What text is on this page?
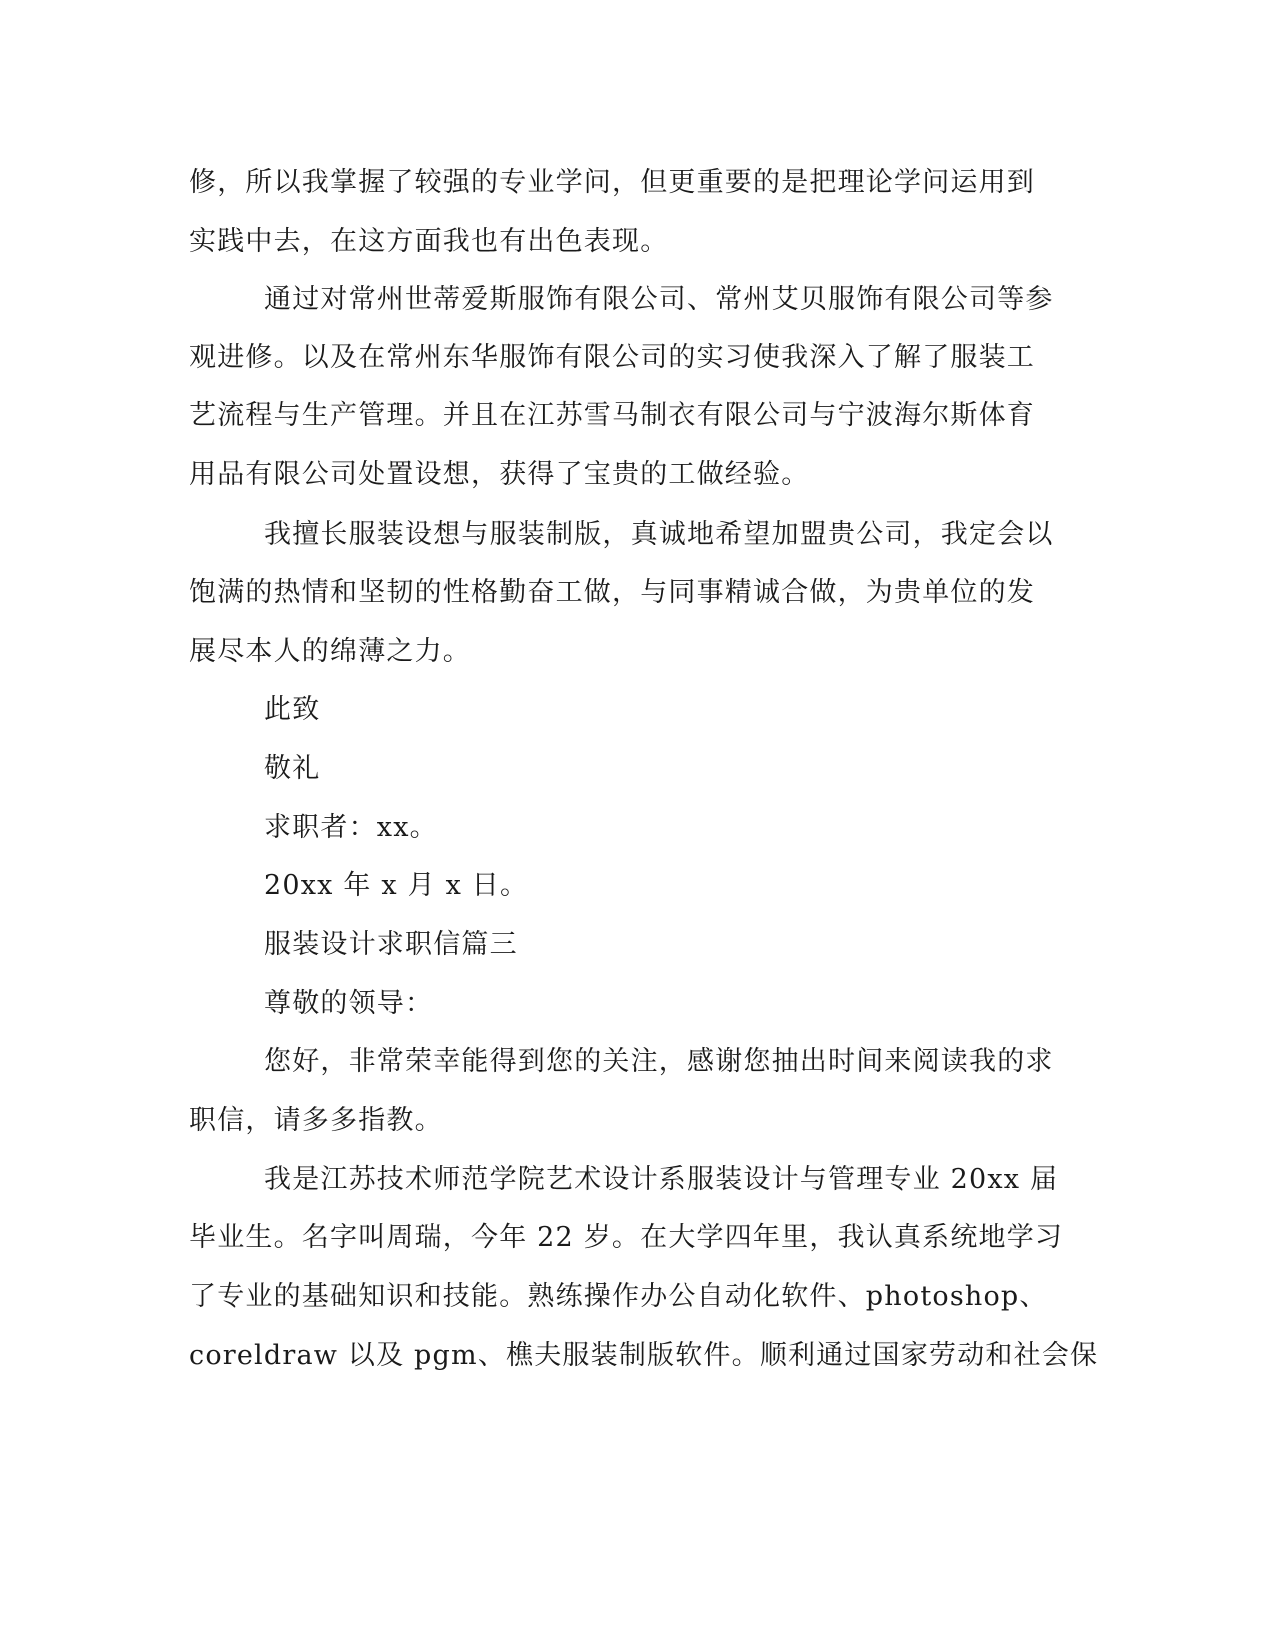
修，所以我掌握了较强的专业学问，但更重要的是把理论学问运用到
实践中去，在这方面我也有出色表现。
通过对常州世蒂爱斯服饰有限公司、常州艾贝服饰有限公司等参
观进修。以及在常州东华服饰有限公司的实习使我深入了解了服装工
艺流程与生产管理。并且在江苏雪马制衣有限公司与宁波海尔斯体育
用品有限公司处置设想，获得了宝贵的工做经验。
我擅长服装设想与服装制版，真诚地希望加盟贵公司，我定会以
饱满的热情和坚韧的性格勤奋工做，与同事精诚合做，为贵单位的发
展尽本人的绵薄之力。
此致
敬礼
求职者：xx。
20xx 年 x 月 x 日。
服装设计求职信篇三
尊敬的领导：
您好，非常荣幸能得到您的关注，感谢您抽出时间来阅读我的求
职信，请多多指教。
我是江苏技术师范学院艺术设计系服装设计与管理专业 20xx 届
毕业生。名字叫周瑞，今年 22 岁。在大学四年里，我认真系统地学习
了专业的基础知识和技能。熟练操作办公自动化软件、photoshop、
coreldraw 以及 pgm、樵夫服装制版软件。顺利通过国家劳动和社会保
